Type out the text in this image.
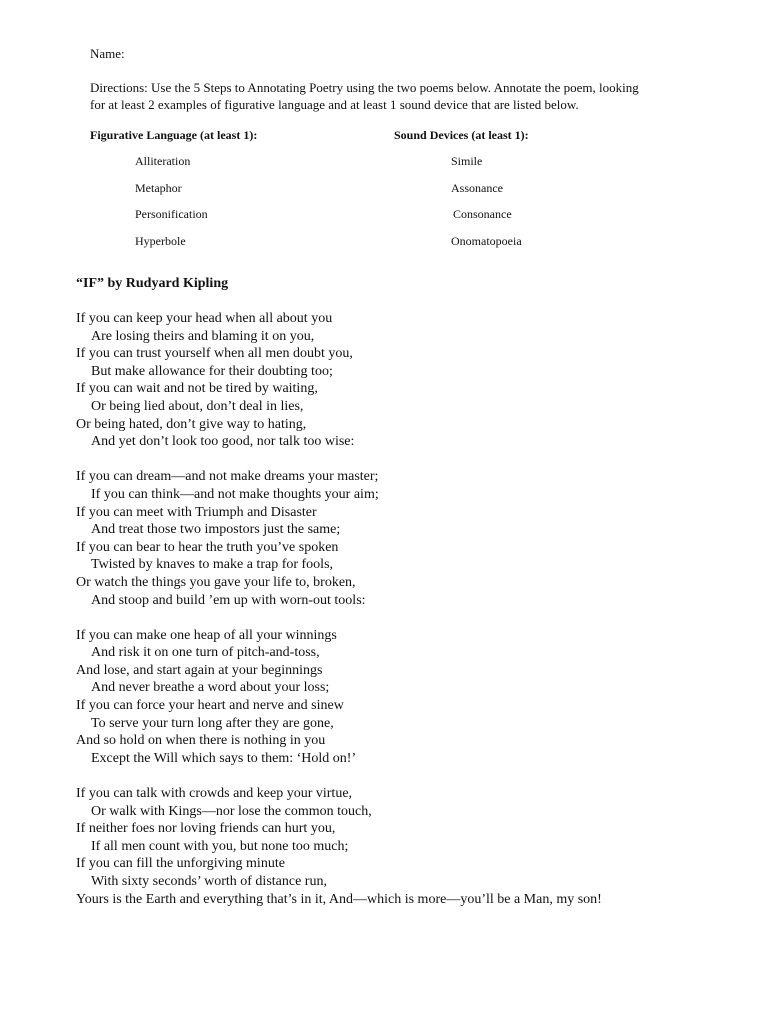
Name:
Directions: Use the 5 Steps to Annotating Poetry using the two poems below. Annotate the poem, looking for at least 2 examples of figurative language and at least 1 sound device that are listed below.
Figurative Language (at least 1):	Sound Devices (at least 1):
Alliteration
Metaphor
Personification
Hyperbole
Simile
Assonance
Consonance
Onomatopoeia
“IF” by Rudyard Kipling
If you can keep your head when all about you
Are losing theirs and blaming it on you,
If you can trust yourself when all men doubt you,
But make allowance for their doubting too;
If you can wait and not be tired by waiting,
Or being lied about, don’t deal in lies,
Or being hated, don’t give way to hating,
And yet don’t look too good, nor talk too wise:
If you can dream—and not make dreams your master;
If you can think—and not make thoughts your aim;
If you can meet with Triumph and Disaster
And treat those two impostors just the same;
If you can bear to hear the truth you’ve spoken
Twisted by knaves to make a trap for fools,
Or watch the things you gave your life to, broken,
And stoop and build ’em up with worn-out tools:
If you can make one heap of all your winnings
And risk it on one turn of pitch-and-toss,
And lose, and start again at your beginnings
And never breathe a word about your loss;
If you can force your heart and nerve and sinew
To serve your turn long after they are gone,
And so hold on when there is nothing in you
Except the Will which says to them: ‘Hold on!’
If you can talk with crowds and keep your virtue,
Or walk with Kings—nor lose the common touch,
If neither foes nor loving friends can hurt you,
If all men count with you, but none too much;
If you can fill the unforgiving minute
With sixty seconds’ worth of distance run,
Yours is the Earth and everything that’s in it, And—which is more—you’ll be a Man, my son!
